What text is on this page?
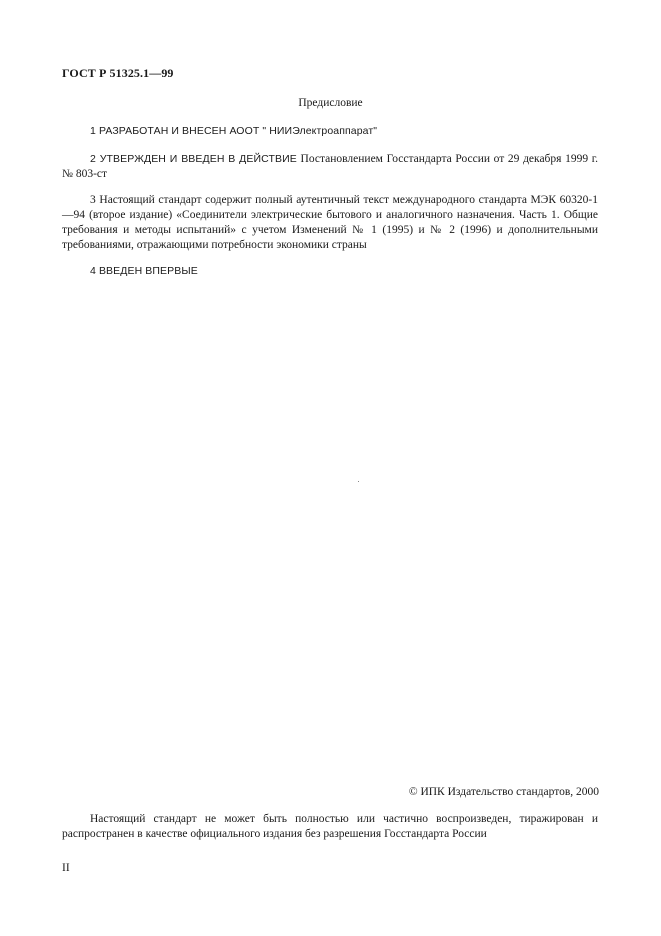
ГОСТ Р 51325.1—99
Предисловие
1 РАЗРАБОТАН И ВНЕСЕН АООТ " НИИЭлектроаппарат"
2 УТВЕРЖДЕН И ВВЕДЕН В ДЕЙСТВИЕ Постановлением Госстандарта России от 29 декабря 1999 г. № 803-ст
3 Настоящий стандарт содержит полный аутентичный текст международного стандарта МЭК 60320-1—94 (второе издание) «Соединители электрические бытового и аналогичного назначения. Часть 1. Общие требования и методы испытаний» с учетом Изменений № 1 (1995) и № 2 (1996) и дополнительными требованиями, отражающими потребности экономики страны
4 ВВЕДЕН ВПЕРВЫЕ
© ИПК Издательство стандартов, 2000
Настоящий стандарт не может быть полностью или частично воспроизведен, тиражирован и распространен в качестве официального издания без разрешения Госстандарта России
II
